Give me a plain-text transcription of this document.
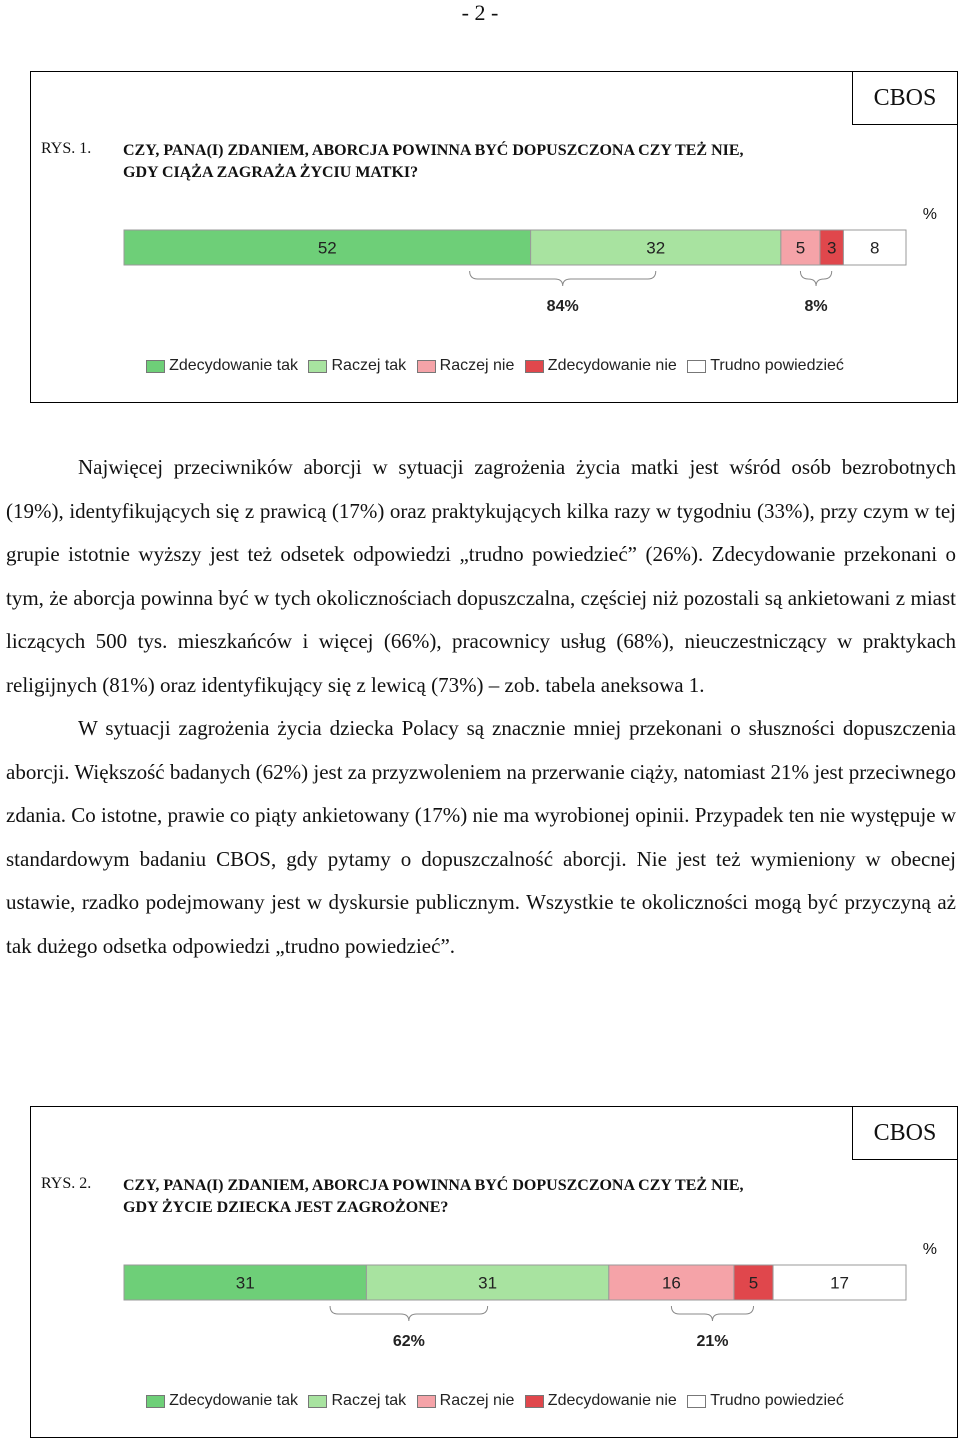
- 2 -
CBOS
RYS. 1. CZY, PANA(I) ZDANIEM, ABORCJA POWINNA BYĆ DOPUSZCZONA CZY TEŻ NIE,
GDY CIĄŻA ZAGRAŻA ŻYCIU MATKI?
%
52	32	5 3 8
84%	8%
Zdecydowanie tak
Raczej tak
Raczej nie
Zdecydowanie nie
Trudno powiedzieć

Najwięcej przeciwników aborcji w sytuacji zagrożenia życia matki jest wśród osób bezrobotnych (19%), identyfikujących się z prawicą (17%) oraz praktykujących kilka razy w tygodniu (33%), przy czym w tej grupie istotnie wyższy jest też odsetek odpowiedzi „trudno powiedzieć” (26%). Zdecydowanie przekonani o tym, że aborcja powinna być w tych okolicznościach dopuszczalna, częściej niż pozostali są ankietowani z miast liczących 500 tys. mieszkańców i więcej (66%), pracownicy usług (68%), nieuczestniczący w praktykach religijnych (81%) oraz identyfikujący się z lewicą (73%) – zob. tabela aneksowa 1.

W sytuacji zagrożenia życia dziecka Polacy są znacznie mniej przekonani o słuszności dopuszczenia aborcji. Większość badanych (62%) jest za przyzwoleniem na przerwanie ciąży, natomiast 21% jest przeciwnego zdania. Co istotne, prawie co piąty ankietowany (17%) nie ma wyrobionej opinii. Przypadek ten nie występuje w standardowym badaniu CBOS, gdy pytamy o dopuszczalność aborcji. Nie jest też wymieniony w obecnej ustawie, rzadko podejmowany jest w dyskursie publicznym. Wszystkie te okoliczności mogą być przyczyną aż tak dużego odsetka odpowiedzi „trudno powiedzieć”.

CBOS
RYS. 2. CZY, PANA(I) ZDANIEM, ABORCJA POWINNA BYĆ DOPUSZCZONA CZY TEŻ NIE,
GDY ŻYCIE DZIECKA JEST ZAGROŻONE?
%
31	31	16	5	17
62%	21%
Zdecydowanie tak
Raczej tak
Raczej nie
Zdecydowanie nie
Trudno powiedzieć
